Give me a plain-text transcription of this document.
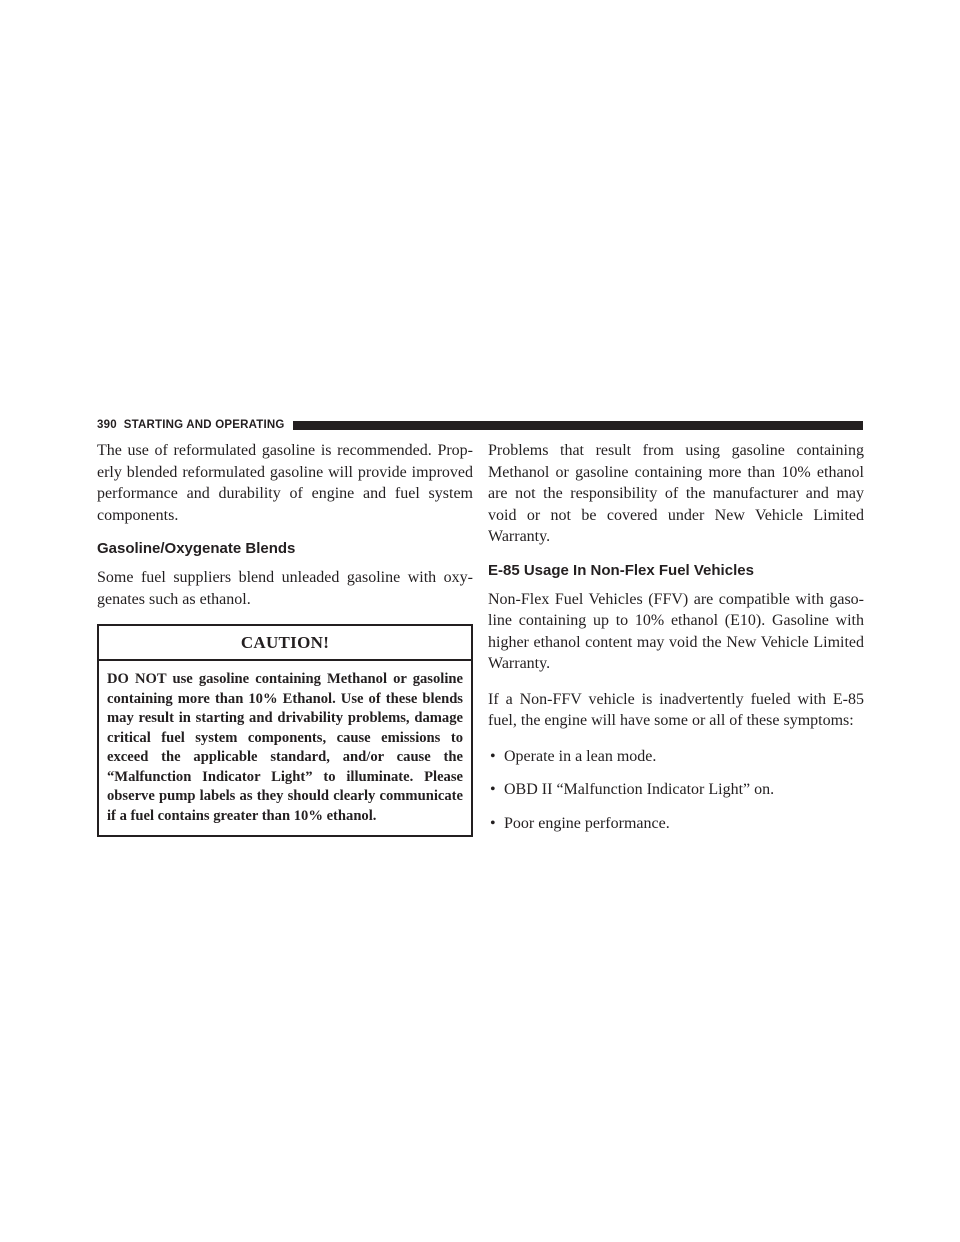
390 STARTING AND OPERATING

The use of reformulated gasoline is recommended. Properly blended reformulated gasoline will provide improved performance and durability of engine and fuel system components.

Gasoline/Oxygenate Blends

Some fuel suppliers blend unleaded gasoline with oxygenates such as ethanol.

CAUTION!
DO NOT use gasoline containing Methanol or gasoline containing more than 10% Ethanol. Use of these blends may result in starting and drivability problems, damage critical fuel system components, cause emissions to exceed the applicable standard, and/or cause the “Malfunction Indicator Light” to illuminate. Please observe pump labels as they should clearly communicate if a fuel contains greater than 10% ethanol.

Problems that result from using gasoline containing Methanol or gasoline containing more than 10% ethanol are not the responsibility of the manufacturer and may void or not be covered under New Vehicle Limited Warranty.

E-85 Usage In Non-Flex Fuel Vehicles

Non-Flex Fuel Vehicles (FFV) are compatible with gasoline containing up to 10% ethanol (E10). Gasoline with higher ethanol content may void the New Vehicle Limited Warranty.

If a Non-FFV vehicle is inadvertently fueled with E-85 fuel, the engine will have some or all of these symptoms:

• Operate in a lean mode.
• OBD II “Malfunction Indicator Light” on.
• Poor engine performance.
